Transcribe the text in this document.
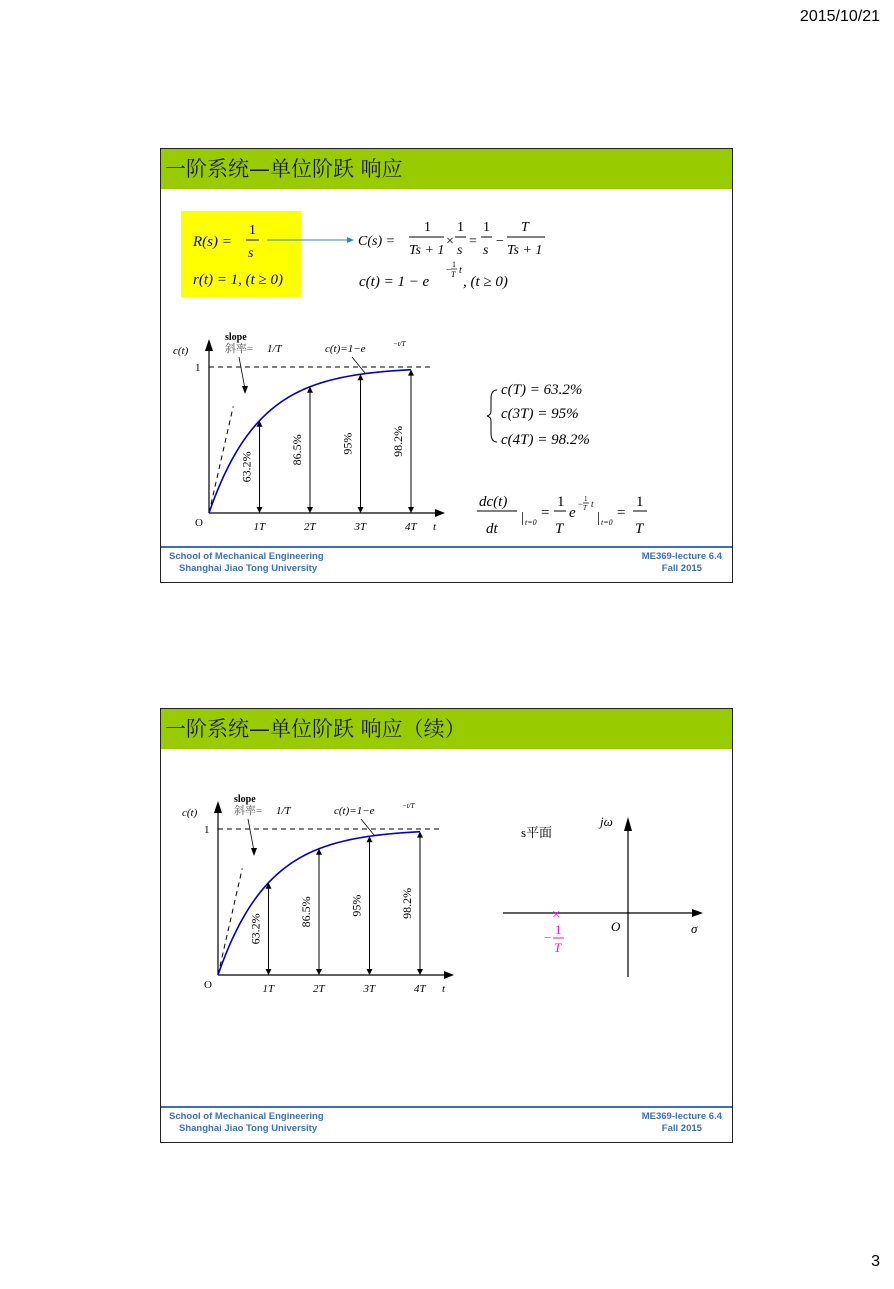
2015/10/21
一阶系统—单位阶跃 响应
R(s) =
1
s
r(t) = 1, (t ≥ 0)
C(s) =
1
Ts + 1
×
1
s
=
1
s
−
T
Ts + 1
c(t) = 1 − e
−
1
T t
, (t ≥ 0)
63.2%
1T
86.5%
2T
95%
3T
98.2%
4T
O	t
c(t)
1
slope
斜率= 1/T	c(t)=1−e	−t/T
c(T) = 63.2%
c(3T) = 95%
c(4T) = 98.2%
dc(t)
dt
| t=0
=
1
T
e
− 1
T t
| t=0
=
1
T
School of Mechanical Engineering
Shanghai Jiao Tong University
ME369-lecture 6.4
Fall 2015
一阶系统—单位阶跃 响应（续）
63.2%
1T
86.5%
2T
95%
3T
98.2%
4T
O	t
c(t)
1
slope
斜率= 1/T	c(t)=1−e	−t/T
s平面
jω
O	σ
×
−
1
T
School of Mechanical Engineering
Shanghai Jiao Tong University
ME369-lecture 6.4
Fall 2015
3
